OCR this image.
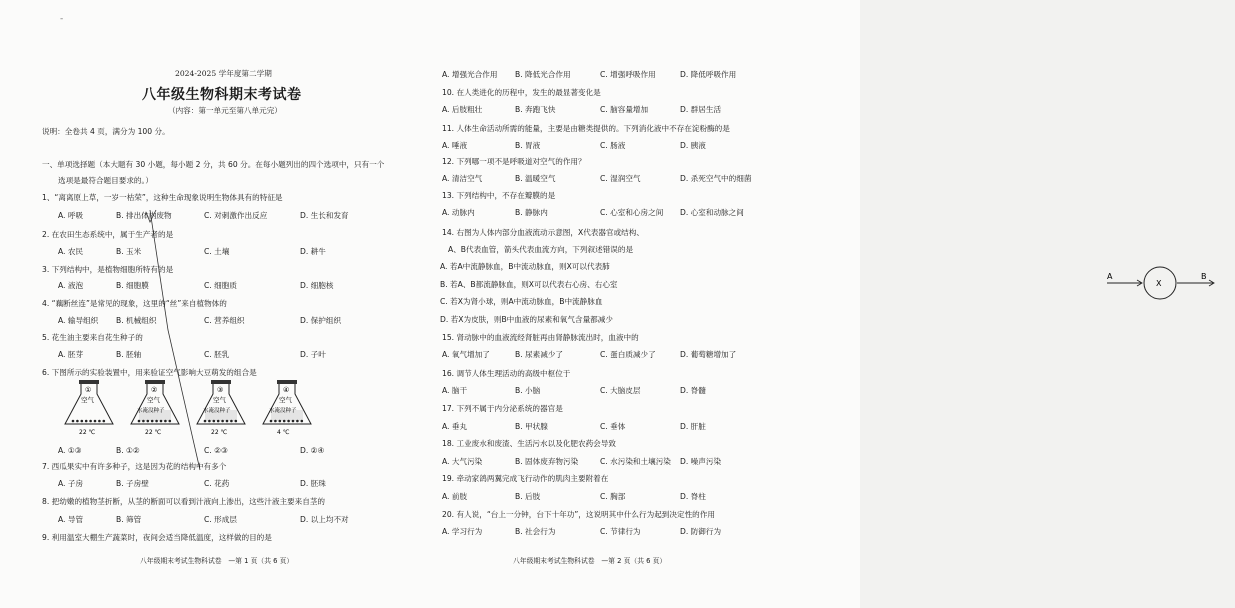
-
2024-2025 学年度第二学期
八年级生物科期末考试卷
（内容：第一单元至第八单元完）
说明：全卷共 4 页，满分为 100 分。
一、单项选择题（本大题有 30 小题，每小题 2 分，共 60 分。在每小题列出的四个选项中，只有一个
选项是最符合题目要求的。）
1、“离离原上草，一岁一枯荣”，这种生命现象说明生物体具有的特征是
A. 呼吸	B. 排出体内废物	C. 对刺激作出反应	D. 生长和发育
2. 在农田生态系统中，属于生产者的是
A. 农民	B. 玉米	C. 土壤	D. 耕牛
3. 下列结构中，是植物细胞所特有的是
A. 液泡	B. 细胞膜	C. 细胞质	D. 细胞核
4. “藕断丝连”是常见的现象，这里的“丝”来自植物体的
A. 输导组织 B. 机械组织	C. 营养组织	D. 保护组织
5. 花生油主要来自花生种子的
A. 胚芽	B. 胚轴	C. 胚乳	D. 子叶
6. 下图所示的实验装置中，用来验证空气影响大豆萌发的组合是
A. ①③	B. ①②	C. ②③	D. ②④
7. 西瓜果实中有许多种子，这是因为花的结构中有多个
A. 子房	B. 子房壁	C. 花药	D. 胚珠
8. 把幼嫩的植物茎折断，从茎的断面可以看到汁液向上渗出，这些汁液主要来自茎的
A. 导管	B. 筛管	C. 形成层	D. 以上均不对
9. 利用温室大棚生产蔬菜时，夜间会适当降低温度，这样做的目的是
①
空气
22 ℃
②
空气
水淹没种子
22 ℃
③
空气
水淹没种子
22 ℃
④
空气
水淹没种子
4 ℃
八年级期末考试生物科试卷　—第 1 页（共 6 页）
A. 增强光合作用 B. 降低光合作用	C. 增强呼吸作用	D. 降低呼吸作用
10. 在人类进化的历程中，发生的最显著变化是
A. 后肢粗壮	B. 奔跑飞快	C. 脑容量增加	D. 群居生活
11. 人体生命活动所需的能量，主要是由糖类提供的。下列消化液中不存在淀粉酶的是
A. 唾液	B. 胃液	C. 肠液	D. 胰液
12. 下列哪一项不是呼吸道对空气的作用？
A. 清洁空气	B. 温暖空气	C. 湿润空气	D. 杀死空气中的细菌
13. 下列结构中，不存在瓣膜的是
A. 动脉内	B. 静脉内	C. 心室和心房之间 D. 心室和动脉之间
14. 右图为人体内部分血液流动示意图，X代表器官或结构、
A、B代表血管，箭头代表血流方向，下列叙述错误的是
A. 若A中流静脉血，B中流动脉血，则X可以代表肺
B. 若A、B都流静脉血，则X可以代表右心房、右心室
C. 若X为肾小球，则A中流动脉血，B中流静脉血
D. 若X为皮肤，则B中血液的尿素和氧气含量都减少
15. 肾动脉中的血液流经肾脏再由肾静脉流出时，血液中的
A. 氧气增加了	B. 尿素减少了	C. 蛋白质减少了	D. 葡萄糖增加了
16. 调节人体生理活动的高级中枢位于
A. 脑干	B. 小脑	C. 大脑皮层	D. 脊髓
17. 下列不属于内分泌系统的器官是
A. 垂丸	B. 甲状腺	C. 垂体	D. 肝脏
18. 工业废水和废渣、生活污水以及化肥农药会导致
A. 大气污染	B. 固体废弃物污染	C. 水污染和土壤污染 D. 噪声污染
19. 牵动家鸽两翼完成飞行动作的肌肉主要附着在
A. 前肢	B. 后肢	C. 胸部	D. 脊柱
20. 有人说，“台上一分钟，台下十年功”，这说明其中什么行为起到决定性的作用
A. 学习行为	B. 社会行为	C. 节律行为	D. 防御行为
A
X
B
八年级期末考试生物科试卷　—第 2 页（共 6 页）
